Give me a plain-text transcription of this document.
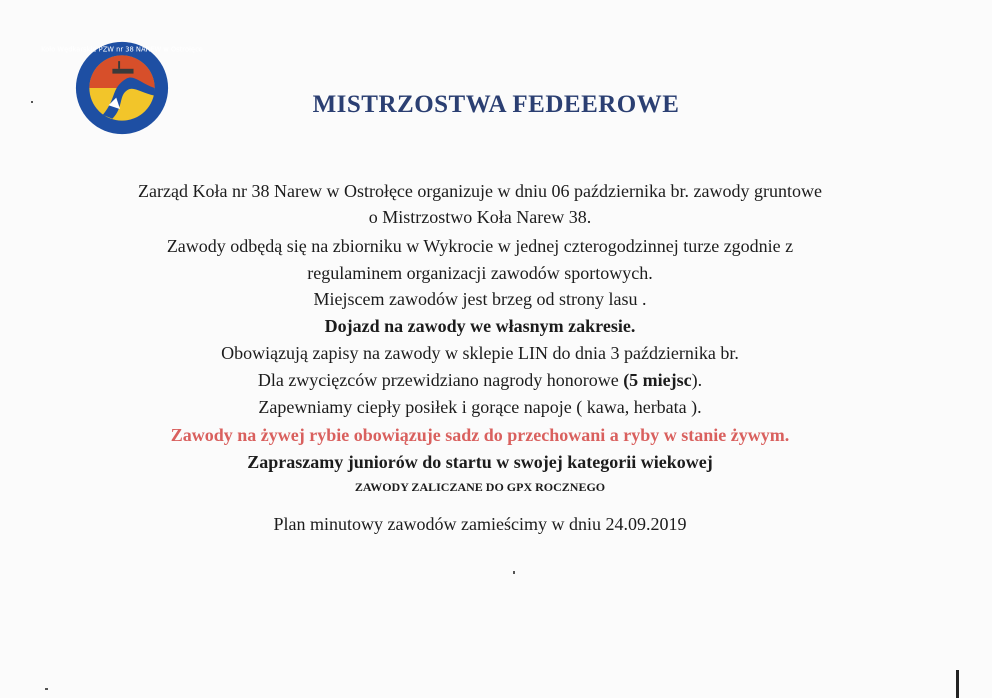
Koło Wędkarskie PZW nr 38 NAREW w Ostrołęce
MISTRZOSTWA FEDEEROWE
Zarząd Koła nr 38 Narew w Ostrołęce organizuje w dniu 06 października br. zawody gruntowe
o Mistrzostwo Koła Narew 38.
Zawody odbędą się na zbiorniku w Wykrocie w jednej czterogodzinnej turze zgodnie z
regulaminem organizacji zawodów sportowych.
Miejscem zawodów jest brzeg od strony lasu .
Dojazd na zawody we własnym zakresie.
Obowiązują zapisy na zawody w sklepie LIN do dnia 3 października br.
Dla zwycięzców przewidziano nagrody honorowe (5 miejsc).
Zapewniamy ciepły posiłek i gorące napoje ( kawa, herbata ).
Zawody na żywej rybie obowiązuje sadz do przechowani a ryby w stanie żywym.
Zapraszamy juniorów do startu w swojej kategorii wiekowej
ZAWODY ZALICZANE DO GPX ROCZNEGO
Plan minutowy zawodów zamieścimy w dniu 24.09.2019
